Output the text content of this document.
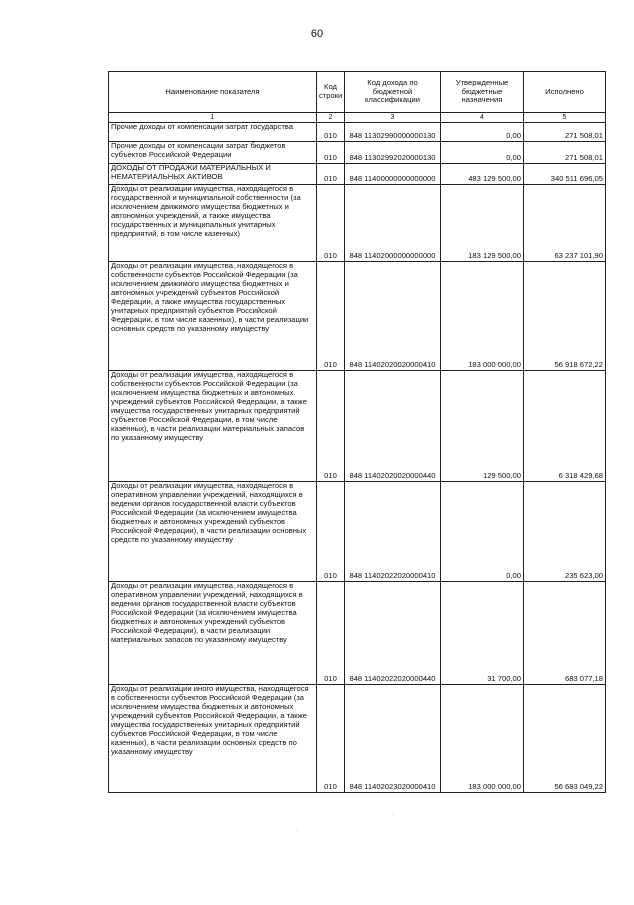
60
Наименование показателя	Код строки	Код дохода по бюджетной классификации	Утвержденные бюджетные назначения	Исполнено
1	2	3	4	5
Прочие доходы от компенсации затрат государства	010	848 11302990000000130	0,00	271 508,01
Прочие доходы от компенсации затрат бюджетов субъектов Российской Федерации	010	848 11302992020000130	0,00	271 508,01
ДОХОДЫ ОТ ПРОДАЖИ МАТЕРИАЛЬНЫХ И НЕМАТЕРИАЛЬНЫХ АКТИВОВ	010	848 11400000000000000	483 129 500,00	340 511 696,05
Доходы от реализации имущества, находящегося в государственной и муниципальной собственности (за исключением движимого имущества бюджетных и автономных учреждений, а также имущества государственных и муниципальных унитарных предприятий, в том числе казенных)	010	848 11402000000000000	183 129 500,00	63 237 101,90
Доходы от реализации имущества, находящегося в собственности субъектов Российской Федерации (за исключением движимого имущества бюджетных и автономных учреждений субъектов Российской Федерации, а также имущества государственных унитарных предприятий субъектов Российской Федерации, в том числе казенных), в части реализации основных средств по указанному имуществу	010	848 11402020020000410	183 000 000,00	56 918 672,22
Доходы от реализации имущества, находящегося в собственности субъектов Российской Федерации (за исключением имущества бюджетных и автономных учреждений субъектов Российской Федерации, а также имущества государственных унитарных предприятий субъектов Российской Федерации, в том числе казенных), в части реализации материальных запасов по указанному имуществу	010	848 11402020020000440	129 500,00	6 318 429,68
Доходы от реализации имущества, находящегося в оперативном управлении учреждений, находящихся в ведении органов государственной власти субъектов Российской Федерации (за исключением имущества бюджетных и автономных учреждений субъектов Российской Федерации), в части реализации основных средств по указанному имуществу	010	848 11402022020000410	0,00	235 623,00
Доходы от реализации имущества, находящегося в оперативном управлении учреждений, находящихся в ведении органов государственной власти субъектов Российской Федерации (за исключением имущества бюджетных и автономных учреждений субъектов Российской Федерации), в части реализации материальных запасов по указанному имуществу	010	848 11402022020000440	31 700,00	683 077,18
Доходы от реализации иного имущества, находящегося в собственности субъектов Российской Федерации (за исключением имущества бюджетных и автономных учреждений субъектов Российской Федерации, а также имущества государственных унитарных предприятий субъектов Российской Федерации, в том числе казенных), в части реализации основных средств по указанному имуществу	010	848 11402023020000410	183 000 000,00	56 683 049,22
·
·
